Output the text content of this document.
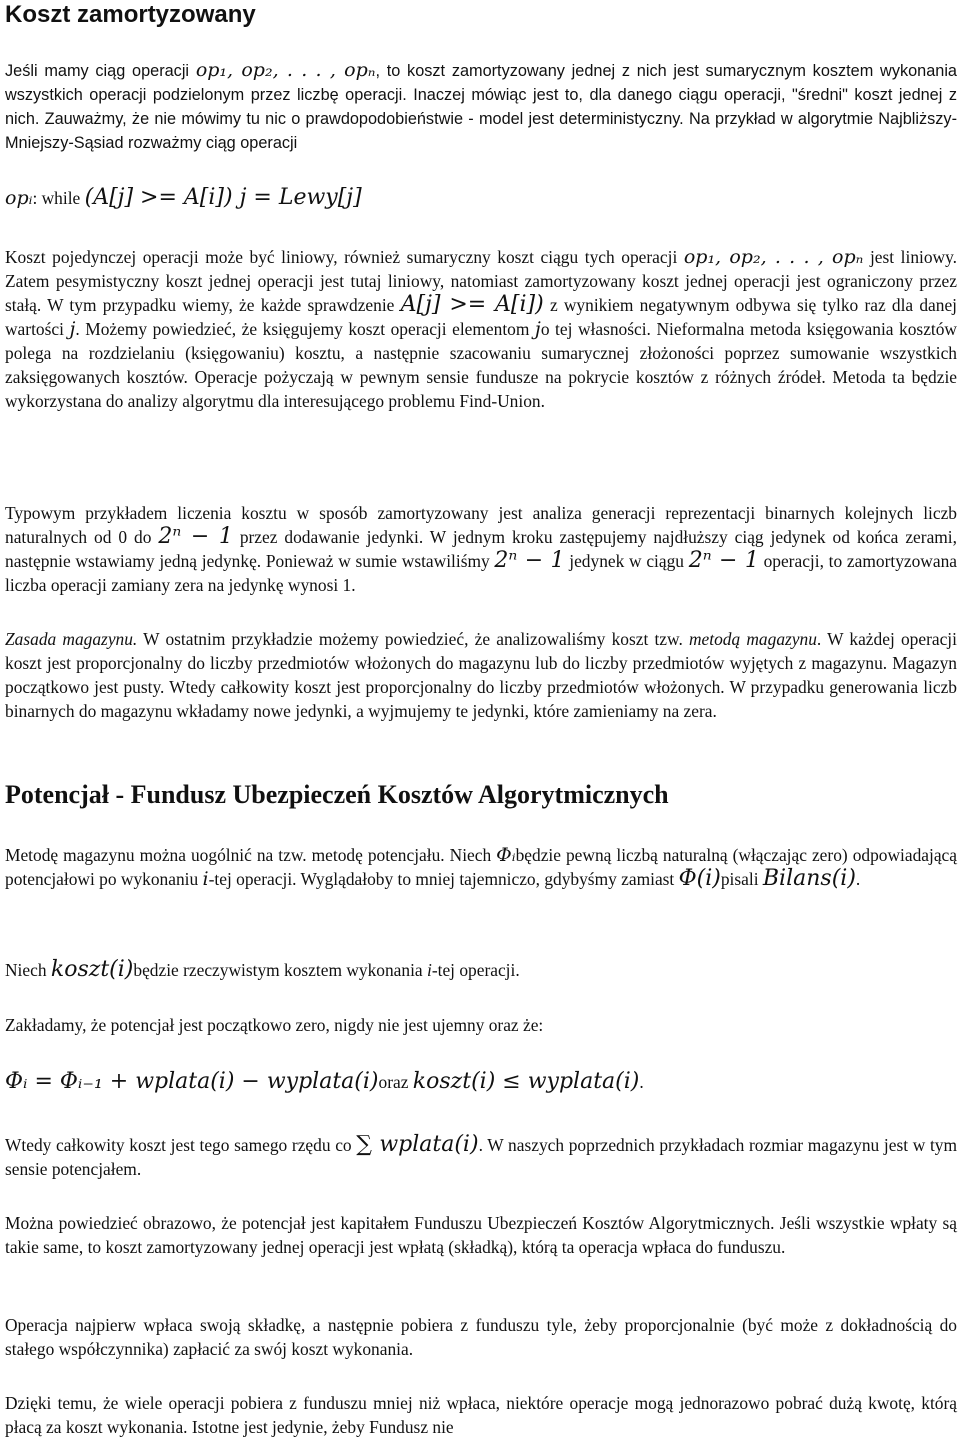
Koszt zamortyzowany

Jeśli mamy ciąg operacji op₁, op₂, . . . , opₙ, to koszt zamortyzowany jednej z nich jest sumarycznym kosztem wykonania wszystkich operacji podzielonym przez liczbę operacji. Inaczej mówiąc jest to, dla danego ciągu operacji, "średni" koszt jednej z nich. Zauważmy, że nie mówimy tu nic o prawdopodobieństwie - model jest deterministyczny. Na przykład w algorytmie Najbliższy-Mniejszy-Sąsiad rozważmy ciąg operacji

opᵢ: while (A[j] >= A[i]) j = Lewy[j]

Koszt pojedynczej operacji może być liniowy, również sumaryczny koszt ciągu tych operacji op₁, op₂, . . . , opₙ jest liniowy. Zatem pesymistyczny koszt jednej operacji jest tutaj liniowy, natomiast zamortyzowany koszt jednej operacji jest ograniczony przez stałą. W tym przypadku wiemy, że każde sprawdzenie A[j] >= A[i]) z wynikiem negatywnym odbywa się tylko raz dla danej wartości j. Możemy powiedzieć, że księgujemy koszt operacji elementom jo tej własności. Nieformalna metoda księgowania kosztów polega na rozdzielaniu (księgowaniu) kosztu, a następnie szacowaniu sumarycznej złożoności poprzez sumowanie wszystkich zaksięgowanych kosztów. Operacje pożyczają w pewnym sensie fundusze na pokrycie kosztów z różnych źródeł. Metoda ta będzie wykorzystana do analizy algorytmu dla interesującego problemu Find-Union.

Typowym przykładem liczenia kosztu w sposób zamortyzowany jest analiza generacji reprezentacji binarnych kolejnych liczb naturalnych od 0 do 2ⁿ − 1 przez dodawanie jedynki. W jednym kroku zastępujemy najdłuższy ciąg jedynek od końca zerami, następnie wstawiamy jedną jedynkę. Ponieważ w sumie wstawiliśmy 2ⁿ − 1 jedynek w ciągu 2ⁿ − 1 operacji, to zamortyzowana liczba operacji zamiany zera na jedynkę wynosi 1.

Zasada magazynu. W ostatnim przykładzie możemy powiedzieć, że analizowaliśmy koszt tzw. metodą magazynu. W każdej operacji koszt jest proporcjonalny do liczby przedmiotów włożonych do magazynu lub do liczby przedmiotów wyjętych z magazynu. Magazyn początkowo jest pusty. Wtedy całkowity koszt jest proporcjonalny do liczby przedmiotów włożonych. W przypadku generowania liczb binarnych do magazynu wkładamy nowe jedynki, a wyjmujemy te jedynki, które zamieniamy na zera.

Potencjał - Fundusz Ubezpieczeń Kosztów Algorytmicznych

Metodę magazynu można uogólnić na tzw. metodę potencjału. Niech Φᵢbędzie pewną liczbą naturalną (włączając zero) odpowiadającą potencjałowi po wykonaniu i-tej operacji. Wyglądałoby to mniej tajemniczo, gdybyśmy zamiast Φ(i)pisali Bilans(i).

Niech koszt(i)będzie rzeczywistym kosztem wykonania i-tej operacji.

Zakładamy, że potencjał jest początkowo zero, nigdy nie jest ujemny oraz że:

Φᵢ = Φᵢ₋₁ + wplata(i) − wyplata(i)oraz koszt(i) ≤ wyplata(i).

Wtedy całkowity koszt jest tego samego rzędu co ∑ wplata(i). W naszych poprzednich przykładach rozmiar magazynu jest w tym sensie potencjałem.

Można powiedzieć obrazowo, że potencjał jest kapitałem Funduszu Ubezpieczeń Kosztów Algorytmicznych. Jeśli wszystkie wpłaty są takie same, to koszt zamortyzowany jednej operacji jest wpłatą (składką), którą ta operacja wpłaca do funduszu.

Operacja najpierw wpłaca swoją składkę, a następnie pobiera z funduszu tyle, żeby proporcjonalnie (być może z dokładnością do stałego współczynnika) zapłacić za swój koszt wykonania.

Dzięki temu, że wiele operacji pobiera z funduszu mniej niż wpłaca, niektóre operacje mogą jednorazowo pobrać dużą kwotę, którą płacą za koszt wykonania. Istotne jest jedynie, żeby Fundusz nie
